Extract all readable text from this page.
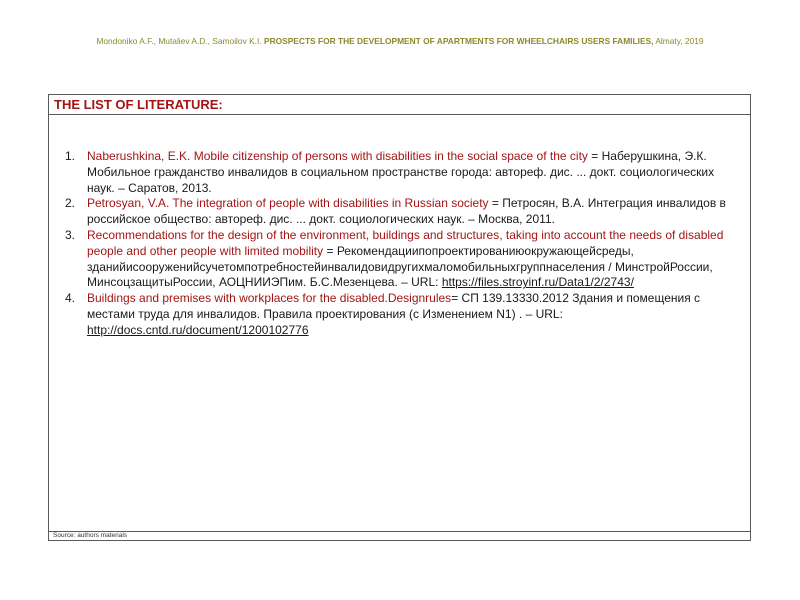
Mondoniko A.F., Mutaliev A.D., Samoilov K.I. PROSPECTS FOR THE DEVELOPMENT OF APARTMENTS FOR WHEELCHAIRS USERS FAMILIES, Almaty, 2019
THE LIST OF LITERATURE:
1. Naberushkina, E.K. Mobile citizenship of persons with disabilities in the social space of the city = Наберушкина, Э.К. Мобильное гражданство инвалидов в социальном пространстве города: автореф. дис. ... докт. социологических наук. – Саратов, 2013.
2. Petrosyan, V.A. The integration of people with disabilities in Russian society = Петросян, В.А. Интеграция инвалидов в российское общество: автореф. дис. ... докт. социологических наук. – Москва, 2011.
3. Recommendations for the design of the environment, buildings and structures, taking into account the needs of disabled people and other people with limited mobility = Рекомендациипопроектированиюокружающейсреды, зданийисооруженийсучетомпотребностейинвалидовидругихмаломобильныхгруппнаселения / МинстройРоссии, МинсоцзащитыРоссии, АОЦНИИЭПим. Б.С.Мезенцева. – URL: https://files.stroyinf.ru/Data1/2/2743/
4. Buildings and premises with workplaces for the disabled.Designrules= СП 139.13330.2012 Здания и помещения с местами труда для инвалидов. Правила проектирования (с Изменением N1) . – URL: http://docs.cntd.ru/document/1200102776
Source: authors materials
